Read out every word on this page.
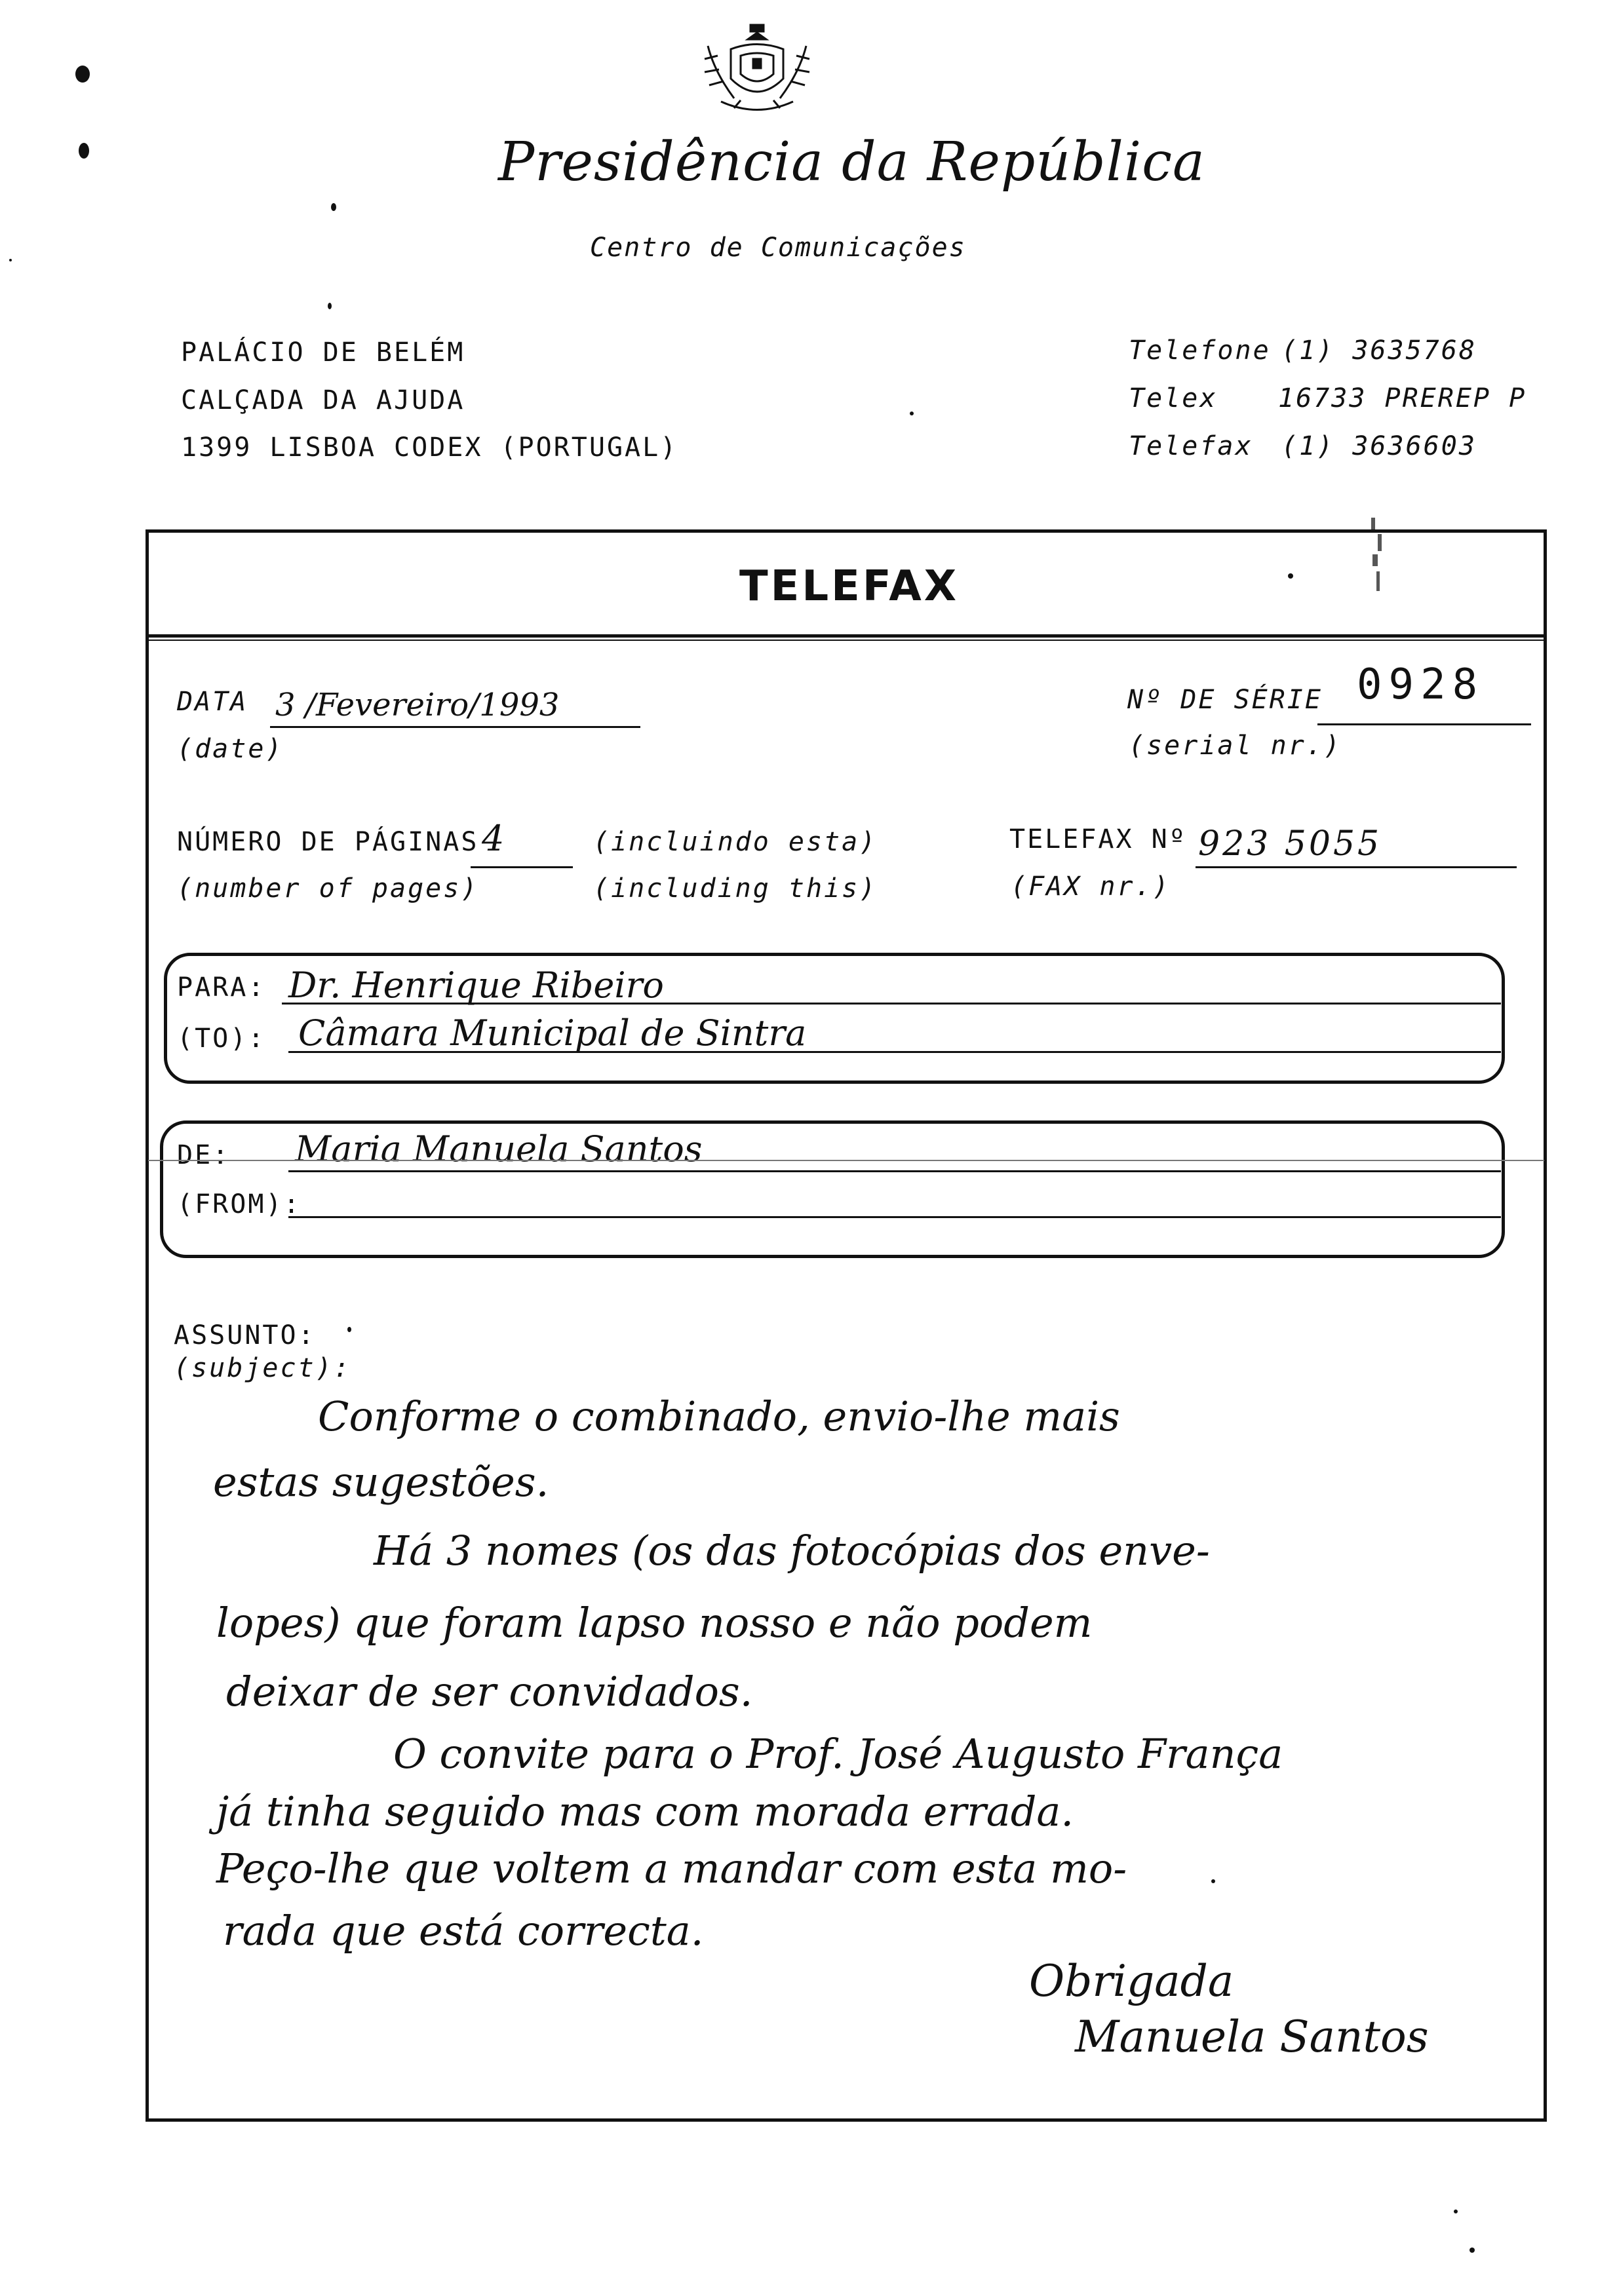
Presidência da República
Centro de Comunicações
PALÁCIO DE BELÉM
CALÇADA DA AJUDA
1399 LISBOA CODEX (PORTUGAL)
Telefone (1) 3635768
Telex 16733 PREREP P
Telefax (1) 3636603
TELEFAX
DATA
(date)
3 /Fevereiro/1993	Nº DE SÉRIE
(serial nr.)
0928
NÚMERO DE PÁGINAS
(number of pages)
4	(incluindo esta)
(including this)
TELEFAX Nº
(FAX nr.)
923 5055
PARA:
(TO):
Dr. Henrique Ribeiro
Câmara Municipal de Sintra
DE:
(FROM):
Maria Manuela Santos
ASSUNTO:
(subject):
Conforme o combinado, envio-lhe mais
estas sugestões.
Há 3 nomes (os das fotocópias dos enve-
lopes) que foram lapso nosso e não podem
deixar de ser convidados.
O convite para o Prof. José Augusto França
já tinha seguido mas com morada errada.
Peço-lhe que voltem a mandar com esta mo-
rada que está correcta.
Obrigada
Manuela Santos
